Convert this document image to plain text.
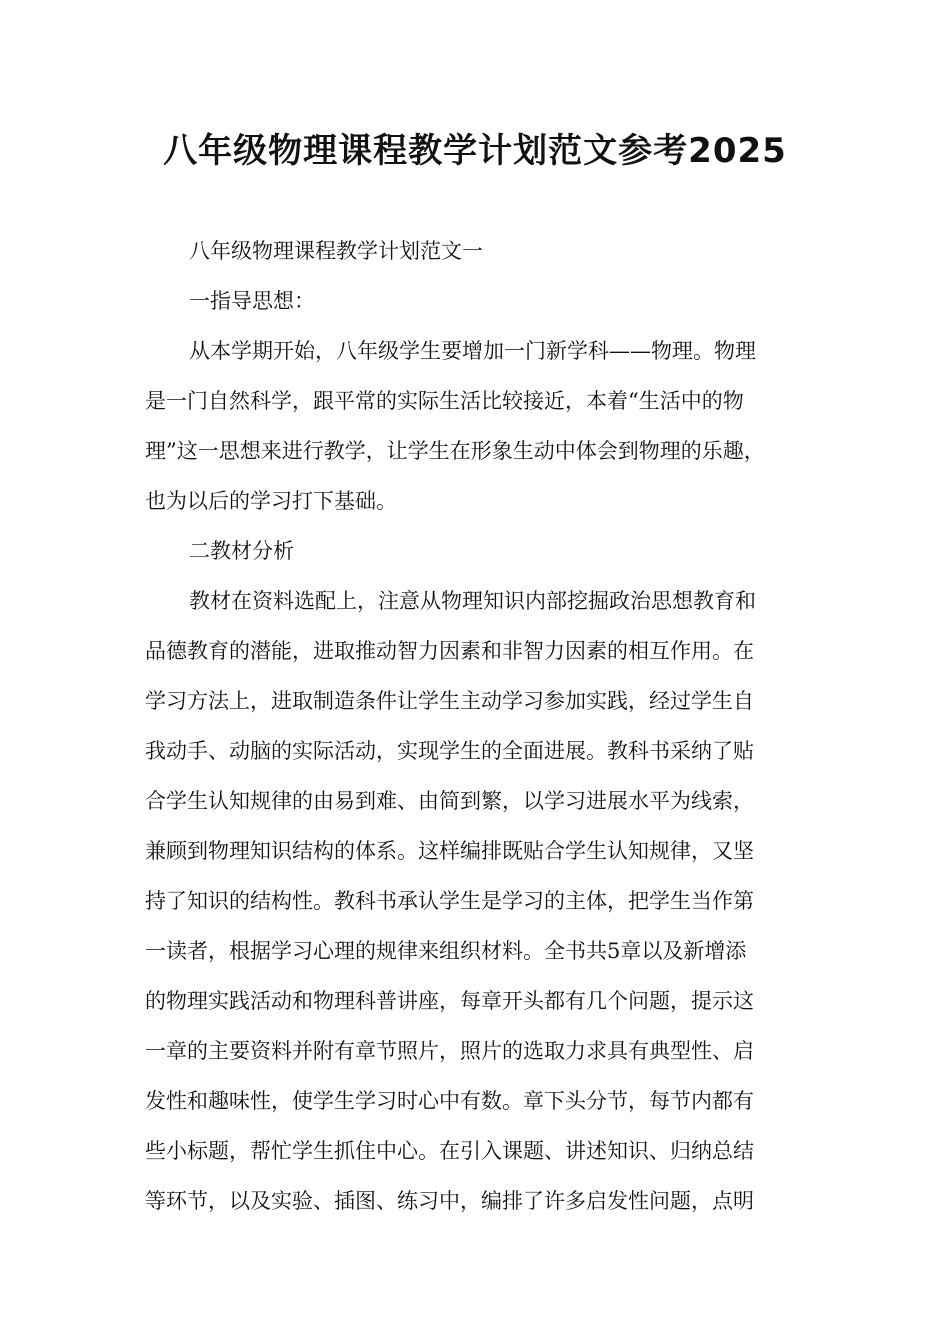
八年级物理课程教学计划范文参考2025

八年级物理课程教学计划范文一

一指导思想：

从本学期开始，八年级学生要增加一门新学科——物理。物理

是一门自然科学，跟平常的实际生活比较接近，本着“生活中的物

理”这一思想来进行教学，让学生在形象生动中体会到物理的乐趣，

也为以后的学习打下基础。

二教材分析

教材在资料选配上，注意从物理知识内部挖掘政治思想教育和

品德教育的潜能，进取推动智力因素和非智力因素的相互作用。在

学习方法上，进取制造条件让学生主动学习参加实践，经过学生自

我动手、动脑的实际活动，实现学生的全面进展。教科书采纳了贴

合学生认知规律的由易到难、由简到繁，以学习进展水平为线索，

兼顾到物理知识结构的体系。这样编排既贴合学生认知规律，又坚

持了知识的结构性。教科书承认学生是学习的主体，把学生当作第

一读者，根据学习心理的规律来组织材料。全书共5章以及新增添

的物理实践活动和物理科普讲座，每章开头都有几个问题，提示这

一章的主要资料并附有章节照片，照片的选取力求具有典型性、启

发性和趣味性，使学生学习时心中有数。章下头分节，每节内都有

些小标题，帮忙学生抓住中心。在引入课题、讲述知识、归纳总结

等环节，以及实验、插图、练习中，编排了许多启发性问题，点明
